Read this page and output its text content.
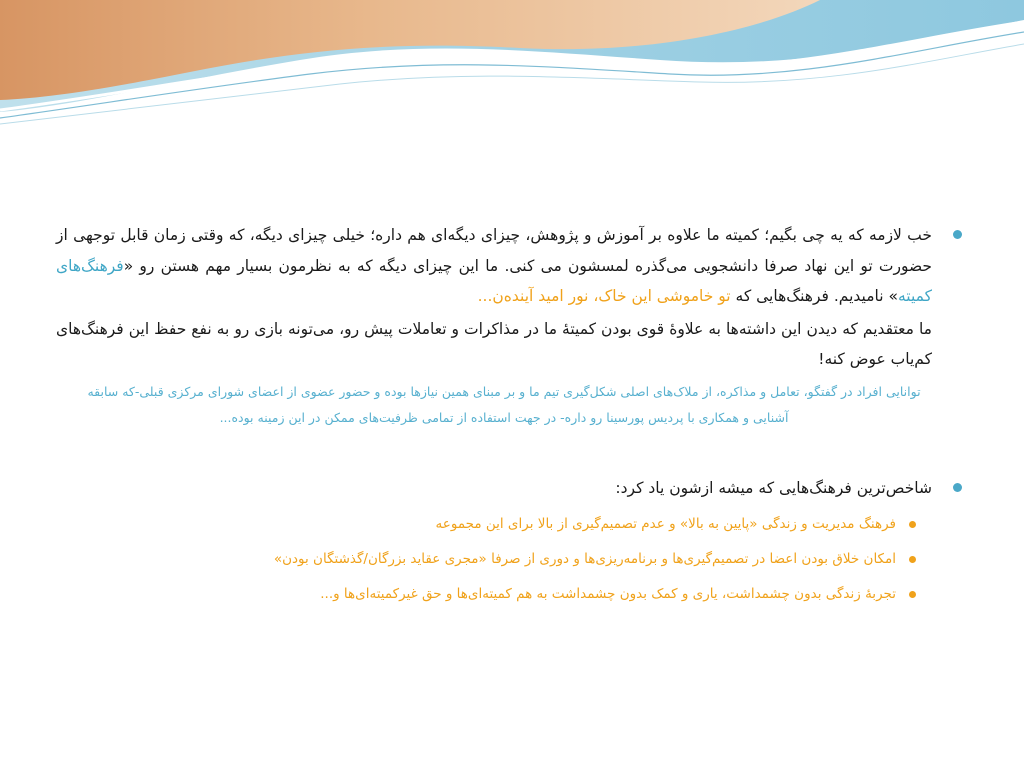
خب لازمه که یه چی بگیم؛ کمیته ما علاوه بر آموزش و پژوهش، چیزای دیگه‌ای هم داره؛ خیلی چیزای دیگه، که وقتی زمان قابل توجهی از حضورت تو این نهاد صرفا دانشجویی می‌گذره لمسشون می کنی. ما این چیزای دیگه که به نظرمون بسیار مهم هستن رو «فرهنگ‌های کمیته» نامیدیم. فرهنگ‌هایی که تو خاموشی این خاک، نور امید آینده‌ن...

ما معتقدیم که دیدن این داشته‌ها به علاوهٔ قوی بودن کمیتهٔ ما در مذاکرات و تعاملات پیش رو، می‌تونه بازی رو به نفع حفظ این فرهنگ‌های کم‌یاب عوض کنه!

توانایی افراد در گفتگو، تعامل و مذاکره، از ملاک‌های اصلی شکل‌گیری تیم ما و بر مبنای همین نیازها بوده و حضور عضوی از اعضای شورای مرکزی قبلی-که سابقه آشنایی و همکاری با پردیس پورسینا رو داره- در جهت استفاده از تمامی ظرفیت‌های ممکن در این زمینه بوده...

شاخص‌ترین فرهنگ‌هایی که میشه ازشون یاد کرد:
فرهنگ مدیریت و زندگی «پایین به بالا» و عدم تصمیم‌گیری از بالا برای این مجموعه
امکان خلاق بودن اعضا در تصمیم‌گیری‌ها و برنامه‌ریزی‌ها و دوری از صرفا «مجری عقاید بزرگان/گذشتگان بودن»
تجربهٔ زندگی بدون چشمداشت، یاری و کمک بدون چشمداشت به هم کمیته‌ای‌ها و حق غیرکمیته‌ای‌ها و...
